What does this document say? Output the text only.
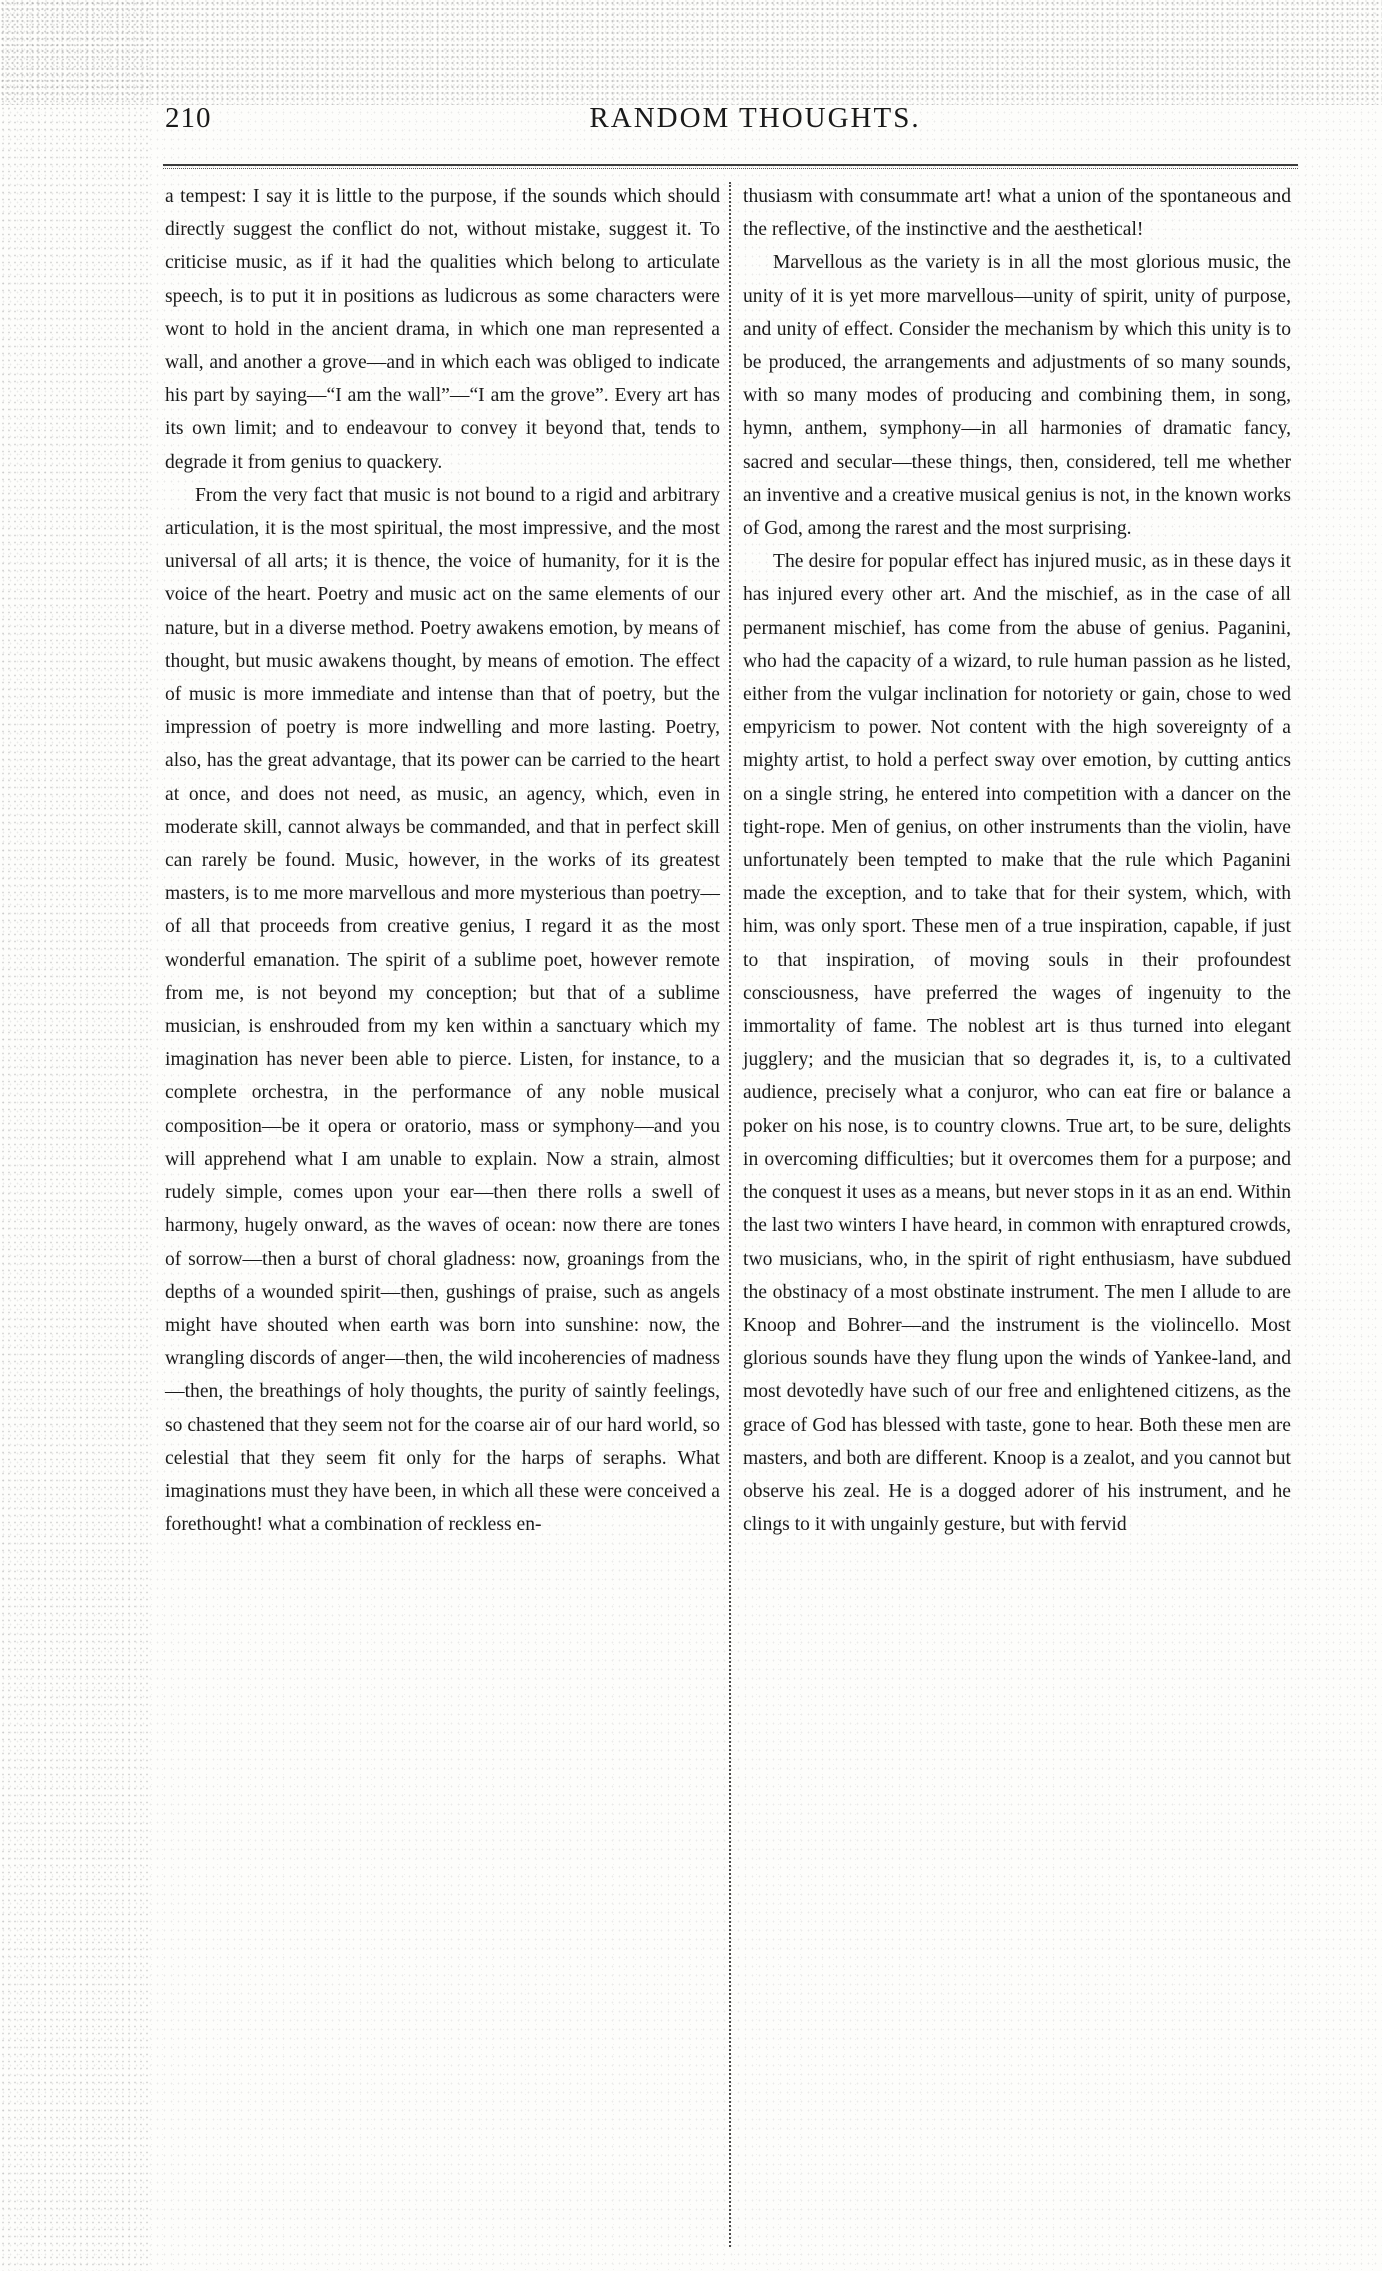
210	RANDOM THOUGHTS.

a tempest: I say it is little to the purpose, if the sounds which should directly suggest the conflict do not, without mistake, suggest it. To criticise music, as if it had the qualities which belong to articulate speech, is to put it in positions as ludicrous as some characters were wont to hold in the ancient drama, in which one man represented a wall, and another a grove—and in which each was obliged to indicate his part by saying—“I am the wall”—“I am the grove”. Every art has its own limit; and to endeavour to convey it beyond that, tends to degrade it from genius to quackery.

From the very fact that music is not bound to a rigid and arbitrary articulation, it is the most spiritual, the most impressive, and the most universal of all arts; it is thence, the voice of humanity, for it is the voice of the heart. Poetry and music act on the same elements of our nature, but in a diverse method. Poetry awakens emotion, by means of thought, but music awakens thought, by means of emotion. The effect of music is more immediate and intense than that of poetry, but the impression of poetry is more indwelling and more lasting. Poetry, also, has the great advantage, that its power can be carried to the heart at once, and does not need, as music, an agency, which, even in moderate skill, cannot always be commanded, and that in perfect skill can rarely be found. Music, however, in the works of its greatest masters, is to me more marvellous and more mysterious than poetry—of all that proceeds from creative genius, I regard it as the most wonderful emanation. The spirit of a sublime poet, however remote from me, is not beyond my conception; but that of a sublime musician, is enshrouded from my ken within a sanctuary which my imagination has never been able to pierce. Listen, for instance, to a complete orchestra, in the performance of any noble musical composition—be it opera or oratorio, mass or symphony—and you will apprehend what I am unable to explain. Now a strain, almost rudely simple, comes upon your ear—then there rolls a swell of harmony, hugely onward, as the waves of ocean: now there are tones of sorrow—then a burst of choral gladness: now, groanings from the depths of a wounded spirit—then, gushings of praise, such as angels might have shouted when earth was born into sunshine: now, the wrangling discords of anger—then, the wild incoherencies of madness—then, the breathings of holy thoughts, the purity of saintly feelings, so chastened that they seem not for the coarse air of our hard world, so celestial that they seem fit only for the harps of seraphs. What imaginations must they have been, in which all these were conceived a forethought! what a combination of reckless en-

thusiasm with consummate art! what a union of the spontaneous and the reflective, of the instinctive and the aesthetical!

Marvellous as the variety is in all the most glorious music, the unity of it is yet more marvellous—unity of spirit, unity of purpose, and unity of effect. Consider the mechanism by which this unity is to be produced, the arrangements and adjustments of so many sounds, with so many modes of producing and combining them, in song, hymn, anthem, symphony—in all harmonies of dramatic fancy, sacred and secular—these things, then, considered, tell me whether an inventive and a creative musical genius is not, in the known works of God, among the rarest and the most surprising.

The desire for popular effect has injured music, as in these days it has injured every other art. And the mischief, as in the case of all permanent mischief, has come from the abuse of genius. Paganini, who had the capacity of a wizard, to rule human passion as he listed, either from the vulgar inclination for notoriety or gain, chose to wed empyricism to power. Not content with the high sovereignty of a mighty artist, to hold a perfect sway over emotion, by cutting antics on a single string, he entered into competition with a dancer on the tight-rope. Men of genius, on other instruments than the violin, have unfortunately been tempted to make that the rule which Paganini made the exception, and to take that for their system, which, with him, was only sport. These men of a true inspiration, capable, if just to that inspiration, of moving souls in their profoundest consciousness, have preferred the wages of ingenuity to the immortality of fame. The noblest art is thus turned into elegant jugglery; and the musician that so degrades it, is, to a cultivated audience, precisely what a conjuror, who can eat fire or balance a poker on his nose, is to country clowns. True art, to be sure, delights in overcoming difficulties; but it overcomes them for a purpose; and the conquest it uses as a means, but never stops in it as an end. Within the last two winters I have heard, in common with enraptured crowds, two musicians, who, in the spirit of right enthusiasm, have subdued the obstinacy of a most obstinate instrument. The men I allude to are Knoop and Bohrer—and the instrument is the violincello. Most glorious sounds have they flung upon the winds of Yankee-land, and most devotedly have such of our free and enlightened citizens, as the grace of God has blessed with taste, gone to hear. Both these men are masters, and both are different. Knoop is a zealot, and you cannot but observe his zeal. He is a dogged adorer of his instrument, and he clings to it with ungainly gesture, but with fervid
